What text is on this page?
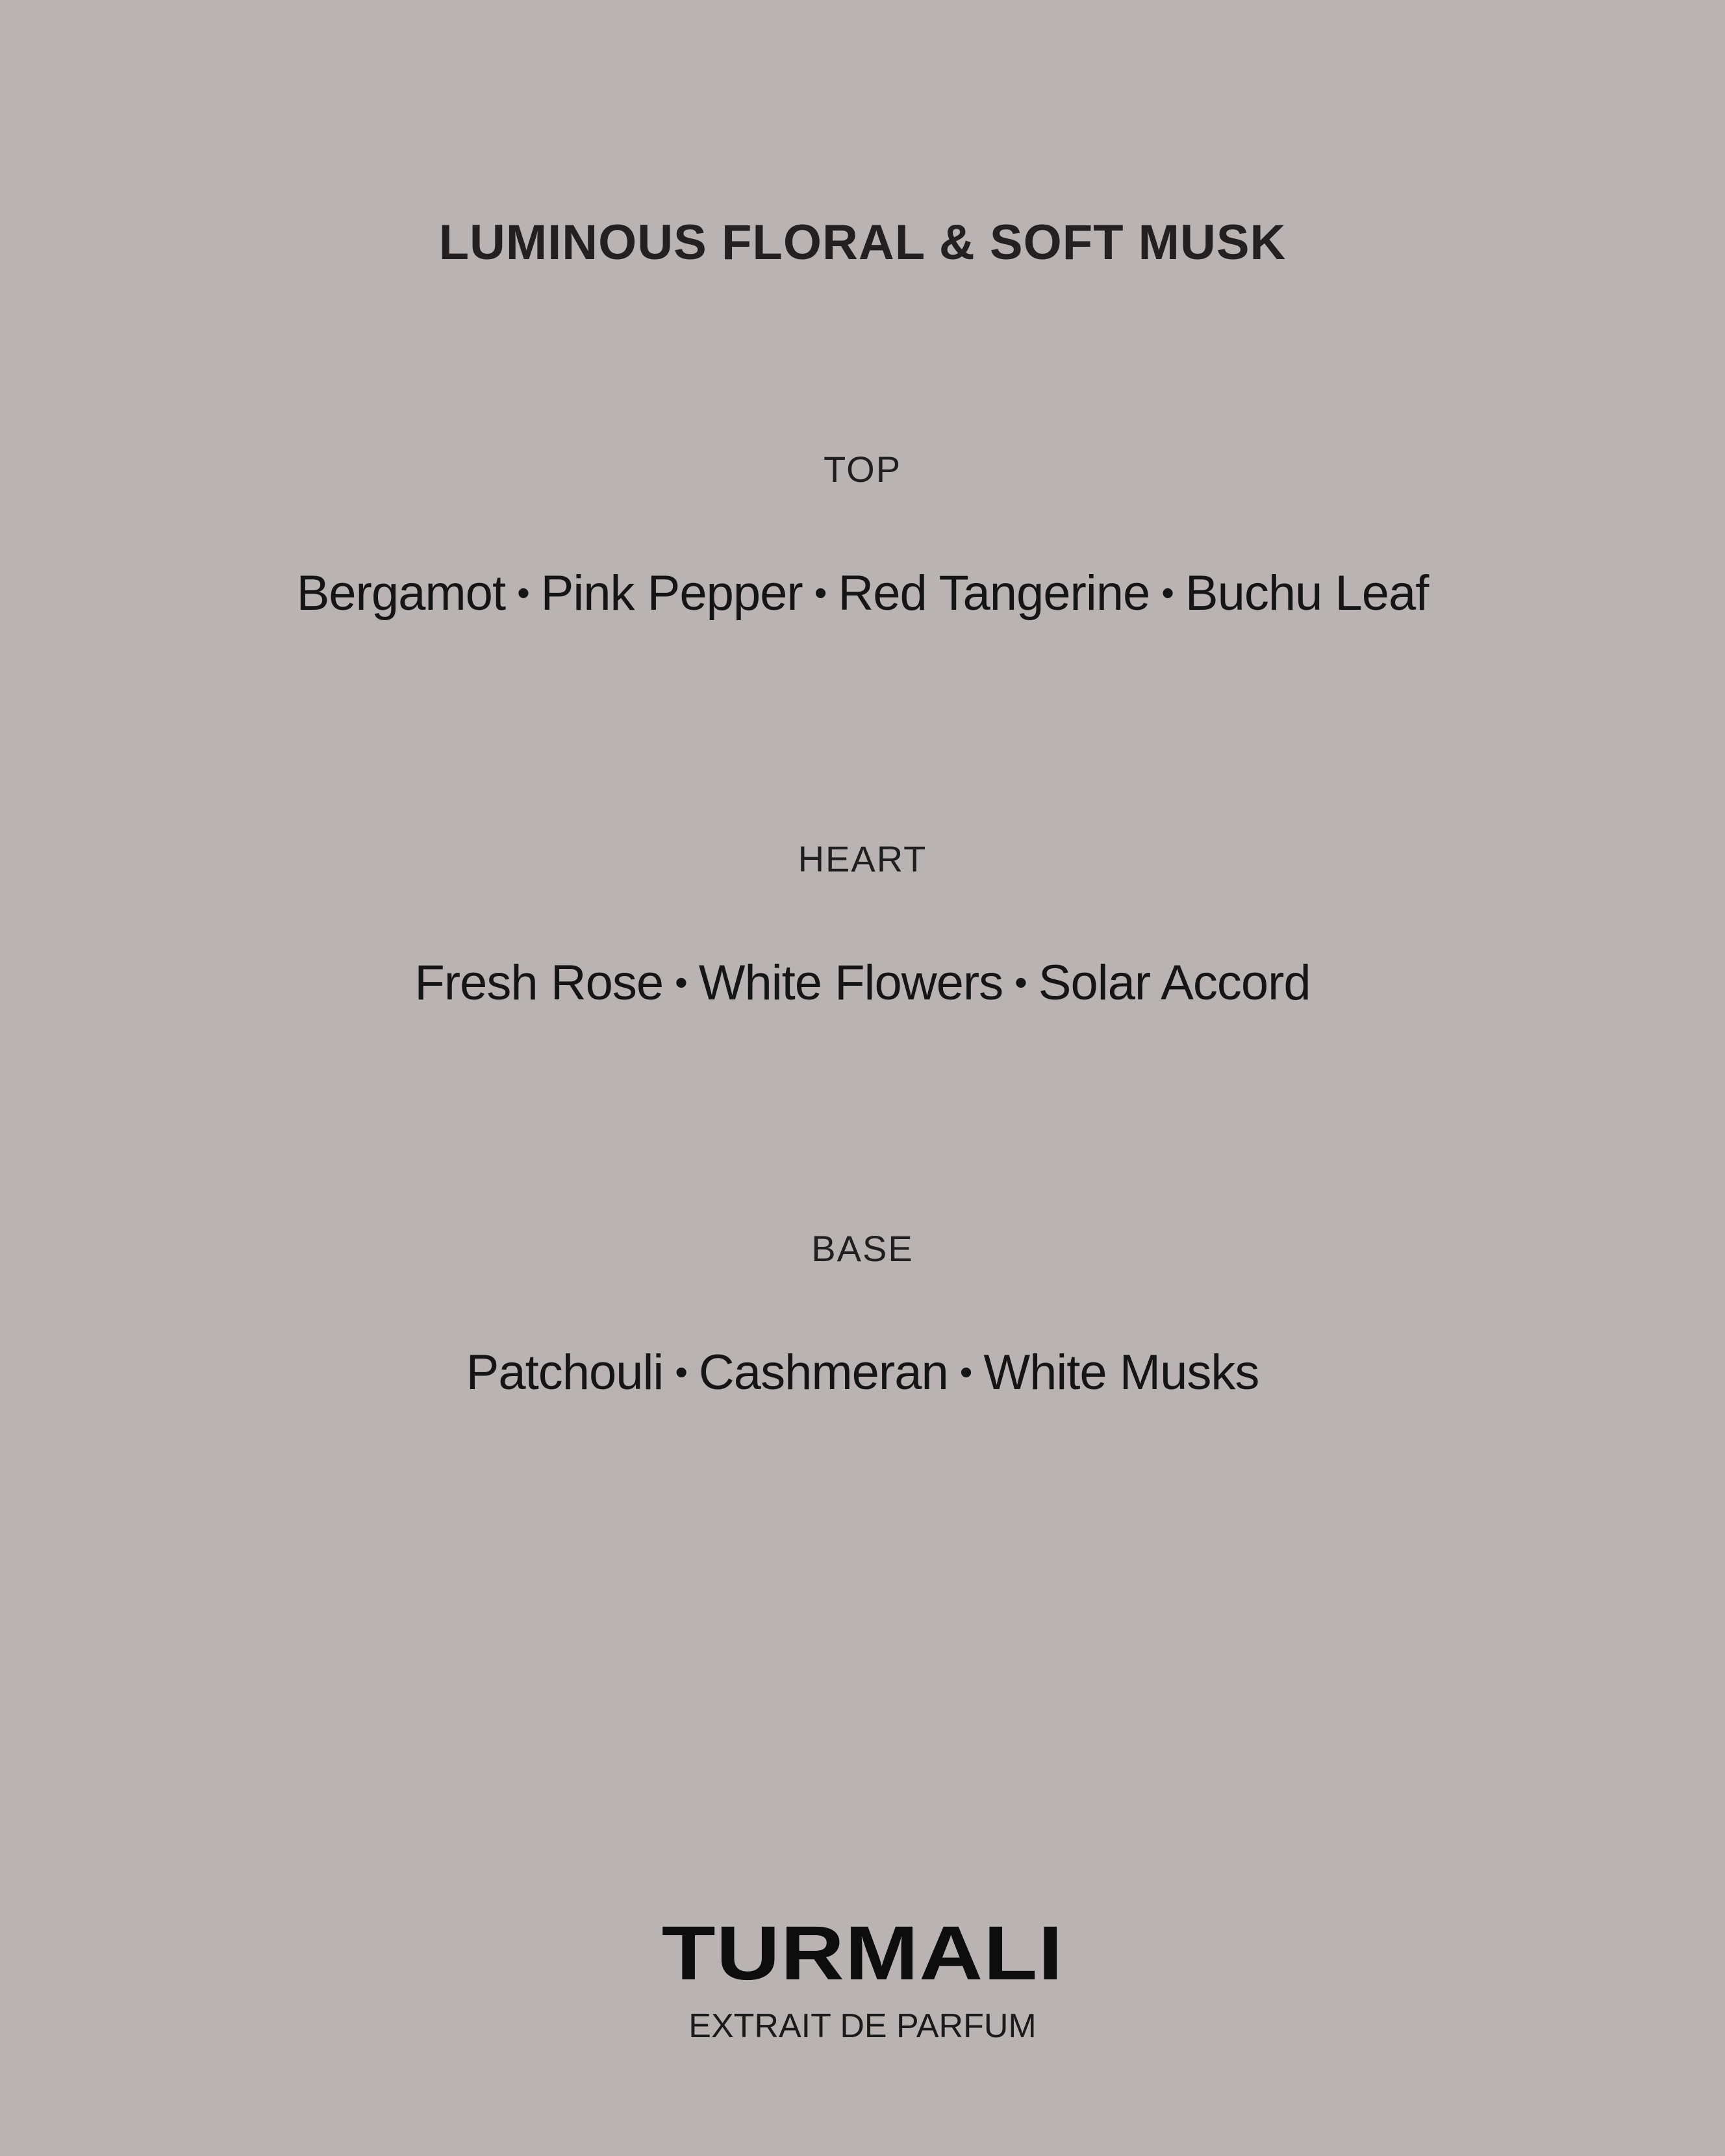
LUMINOUS FLORAL & SOFT MUSK
TOP
Bergamot • Pink Pepper • Red Tangerine • Buchu Leaf
HEART
Fresh Rose • White Flowers • Solar Accord
BASE
Patchouli • Cashmeran • White Musks
TURMALI
EXTRAIT DE PARFUM
